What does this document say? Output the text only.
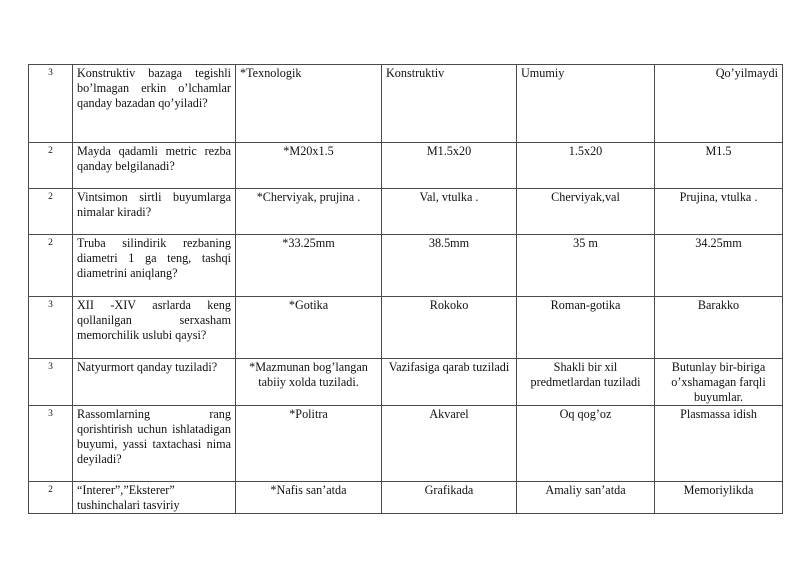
3	Konstruktiv bazaga tegishli bo’lmagan erkin o’lchamlar qanday bazadan qo’yiladi?	*Texnologik	Konstruktiv	Umumiy	Qo’yilmaydi
2	Mayda qadamli metric rezba qanday belgilanadi?	*M20x1.5	M1.5x20	1.5x20	M1.5
2	Vintsimon sirtli buyumlarga nimalar kiradi?	*Cherviyak, prujina .	Val, vtulka .	Cherviyak,val	Prujina, vtulka .
2	Truba silindirik rezbaning diametri 1 ga teng, tashqi diametrini aniqlang?	*33.25mm	38.5mm	35 m	34.25mm
3	XII -XIV asrlarda keng qollanilgan serxasham memorchilik uslubi qaysi?	*Gotika	Rokoko	Roman-gotika	Barakko
3	Natyurmort qanday tuziladi?	*Mazmunan bog’langan tabiiy xolda tuziladi.	Vazifasiga qarab tuziladi	Shakli bir xil predmetlardan tuziladi	Butunlay bir-biriga o’xshamagan farqli buyumlar.
3	Rassomlarning rang qorishtirish uchun ishlatadigan buyumi, yassi taxtachasi nima deyiladi?	*Politra	Akvarel	Oq qog’oz	Plasmassa idish
2	“Interer”,”Eksterer” tushinchalari tasviriy	*Nafis san’atda	Grafikada	Amaliy san’atda	Memoriylikda
